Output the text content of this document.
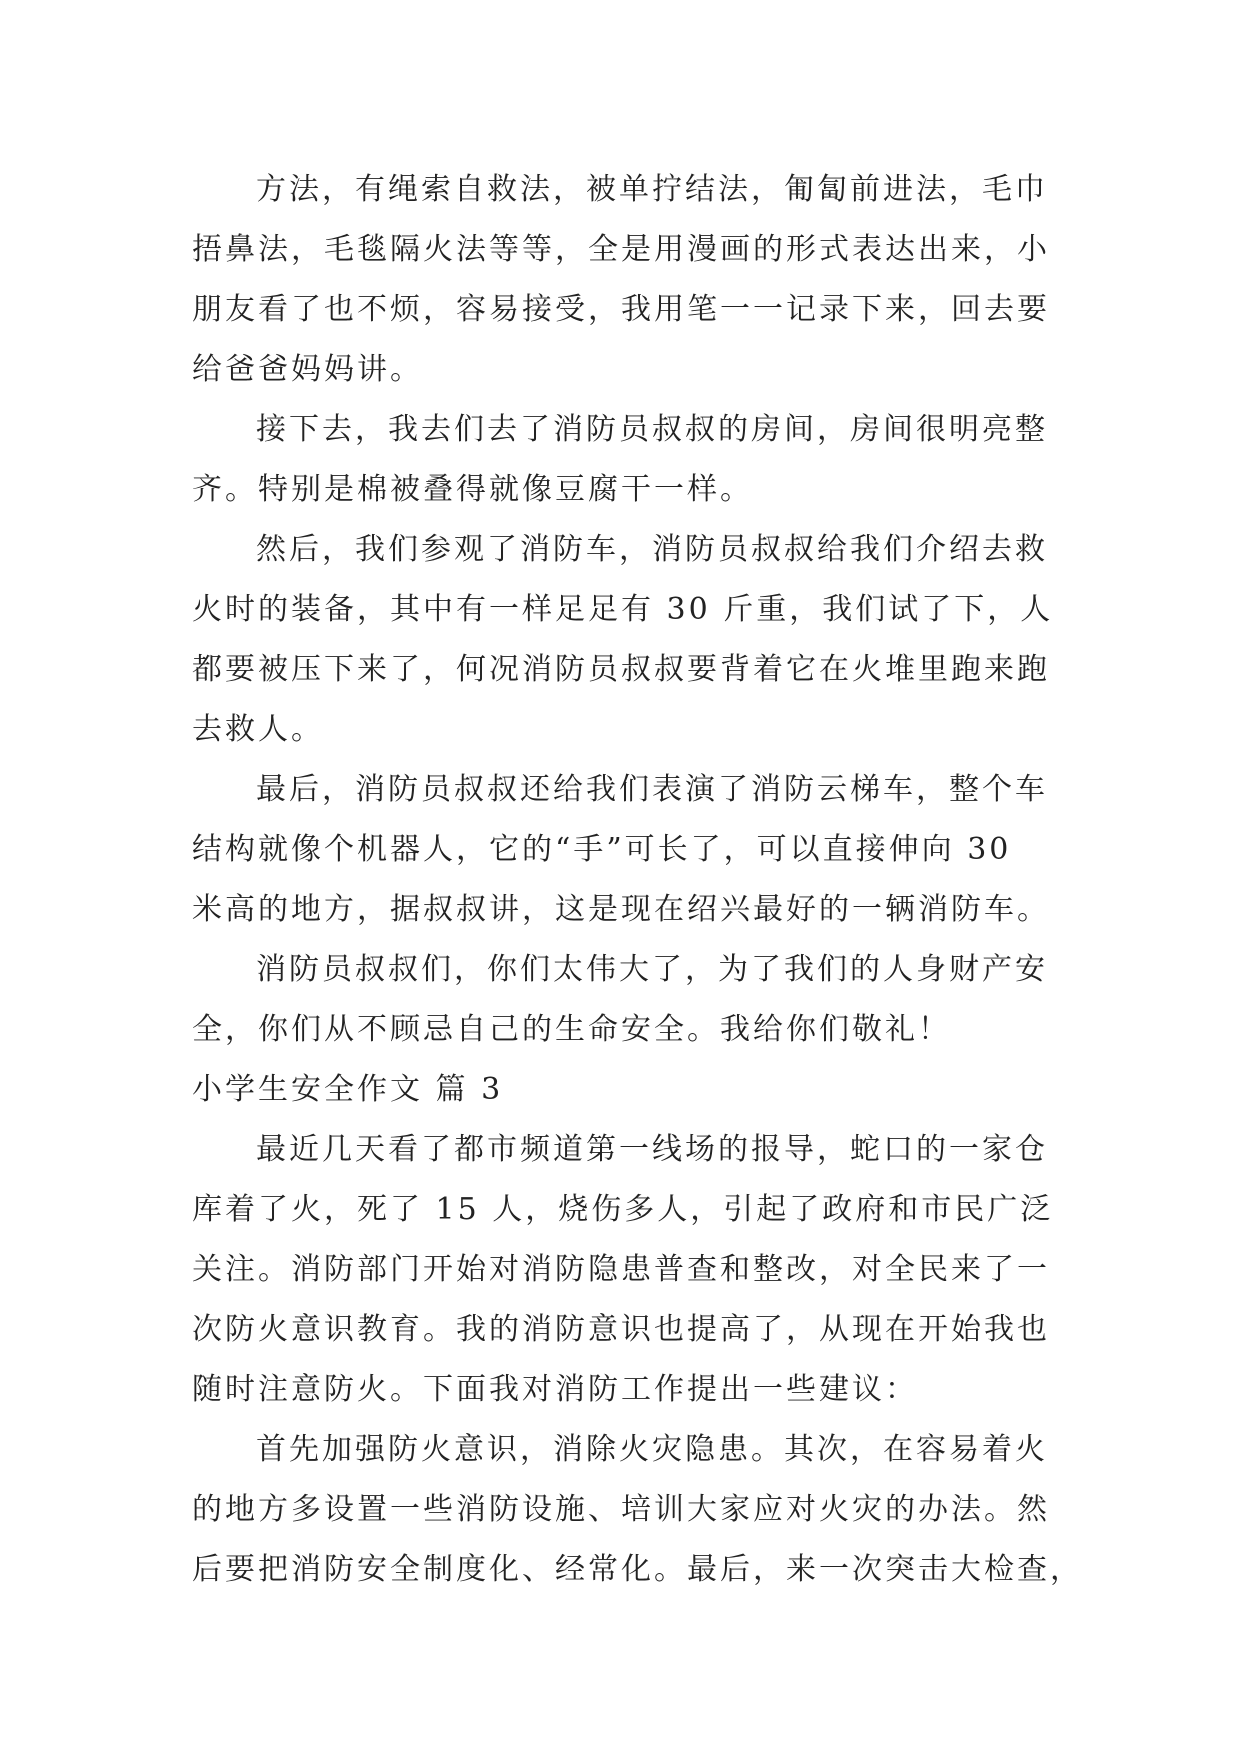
方法，有绳索自救法，被单拧结法，匍匐前进法，毛巾
捂鼻法，毛毯隔火法等等，全是用漫画的形式表达出来，小
朋友看了也不烦，容易接受，我用笔一一记录下来，回去要
给爸爸妈妈讲。
接下去，我去们去了消防员叔叔的房间，房间很明亮整
齐。特别是棉被叠得就像豆腐干一样。
然后，我们参观了消防车，消防员叔叔给我们介绍去救
火时的装备，其中有一样足足有 30 斤重，我们试了下，人
都要被压下来了，何况消防员叔叔要背着它在火堆里跑来跑
去救人。
最后，消防员叔叔还给我们表演了消防云梯车，整个车
结构就像个机器人，它的“手”可长了，可以直接伸向 30
米高的地方，据叔叔讲，这是现在绍兴最好的一辆消防车。
消防员叔叔们，你们太伟大了，为了我们的人身财产安
全，你们从不顾忌自己的生命安全。我给你们敬礼！
小学生安全作文 篇 3
最近几天看了都市频道第一线场的报导，蛇口的一家仓
库着了火，死了 15 人，烧伤多人，引起了政府和市民广泛
关注。消防部门开始对消防隐患普查和整改，对全民来了一
次防火意识教育。我的消防意识也提高了，从现在开始我也
随时注意防火。下面我对消防工作提出一些建议：
首先加强防火意识，消除火灾隐患。其次，在容易着火
的地方多设置一些消防设施、培训大家应对火灾的办法。然
后要把消防安全制度化、经常化。最后，来一次突击大检查，
